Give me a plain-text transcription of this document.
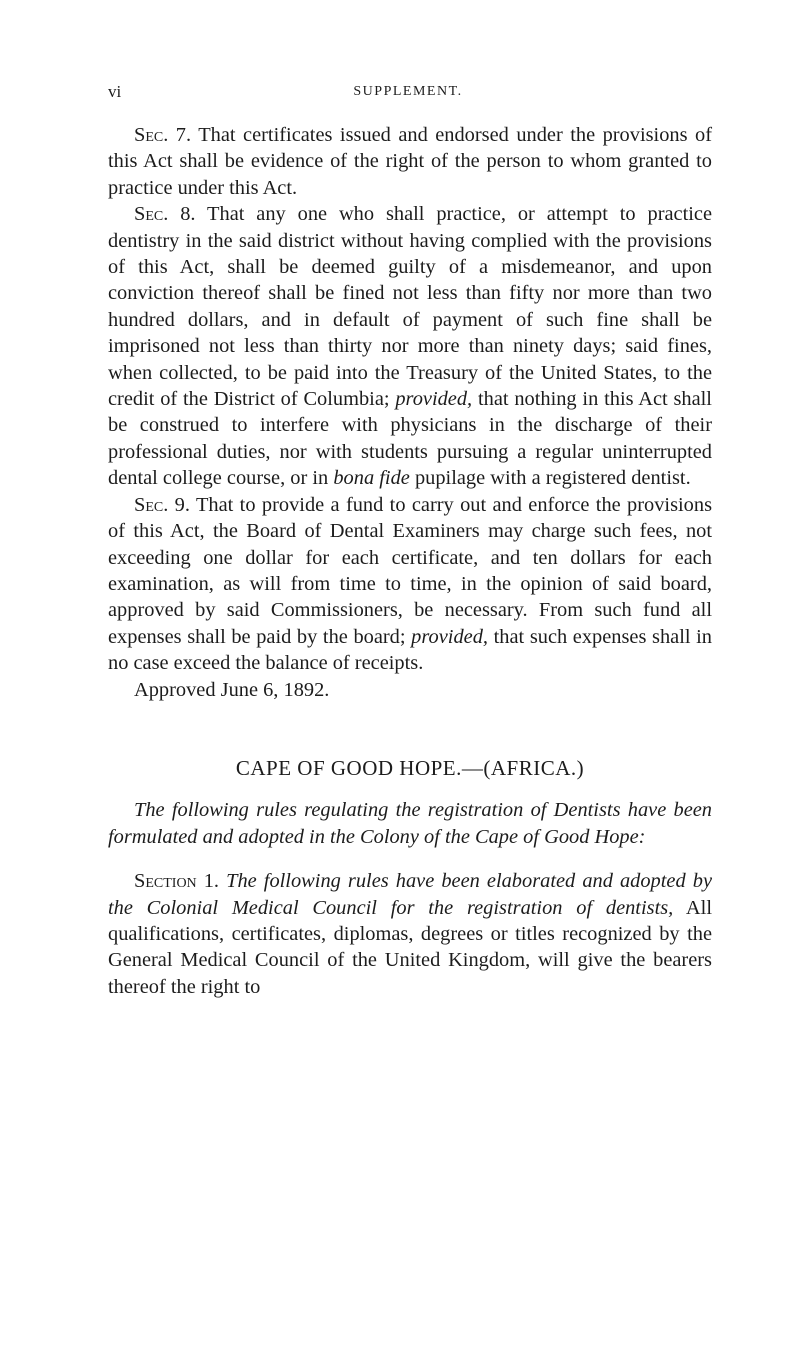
vi	SUPPLEMENT.

Sec. 7. That certificates issued and endorsed under the provisions of this Act shall be evidence of the right of the person to whom granted to practice under this Act.

Sec. 8. That any one who shall practice, or attempt to practice dentistry in the said district without having complied with the provisions of this Act, shall be deemed guilty of a misdemeanor, and upon conviction thereof shall be fined not less than fifty nor more than two hundred dollars, and in default of payment of such fine shall be imprisoned not less than thirty nor more than ninety days; said fines, when collected, to be paid into the Treasury of the United States, to the credit of the District of Columbia; provided, that nothing in this Act shall be construed to interfere with physicians in the discharge of their professional duties, nor with students pursuing a regular uninterrupted dental college course, or in bona fide pupilage with a registered dentist.

Sec. 9. That to provide a fund to carry out and enforce the provisions of this Act, the Board of Dental Examiners may charge such fees, not exceeding one dollar for each certificate, and ten dollars for each examination, as will from time to time, in the opinion of said board, approved by said Commissioners, be necessary. From such fund all expenses shall be paid by the board; provided, that such expenses shall in no case exceed the balance of receipts.

Approved June 6, 1892.

CAPE OF GOOD HOPE.—(AFRICA.)

The following rules regulating the registration of Dentists have been formulated and adopted in the Colony of the Cape of Good Hope:

Section 1. The following rules have been elaborated and adopted by the Colonial Medical Council for the registration of dentists, All qualifications, certificates, diplomas, degrees or titles recognized by the General Medical Council of the United Kingdom, will give the bearers thereof the right to
